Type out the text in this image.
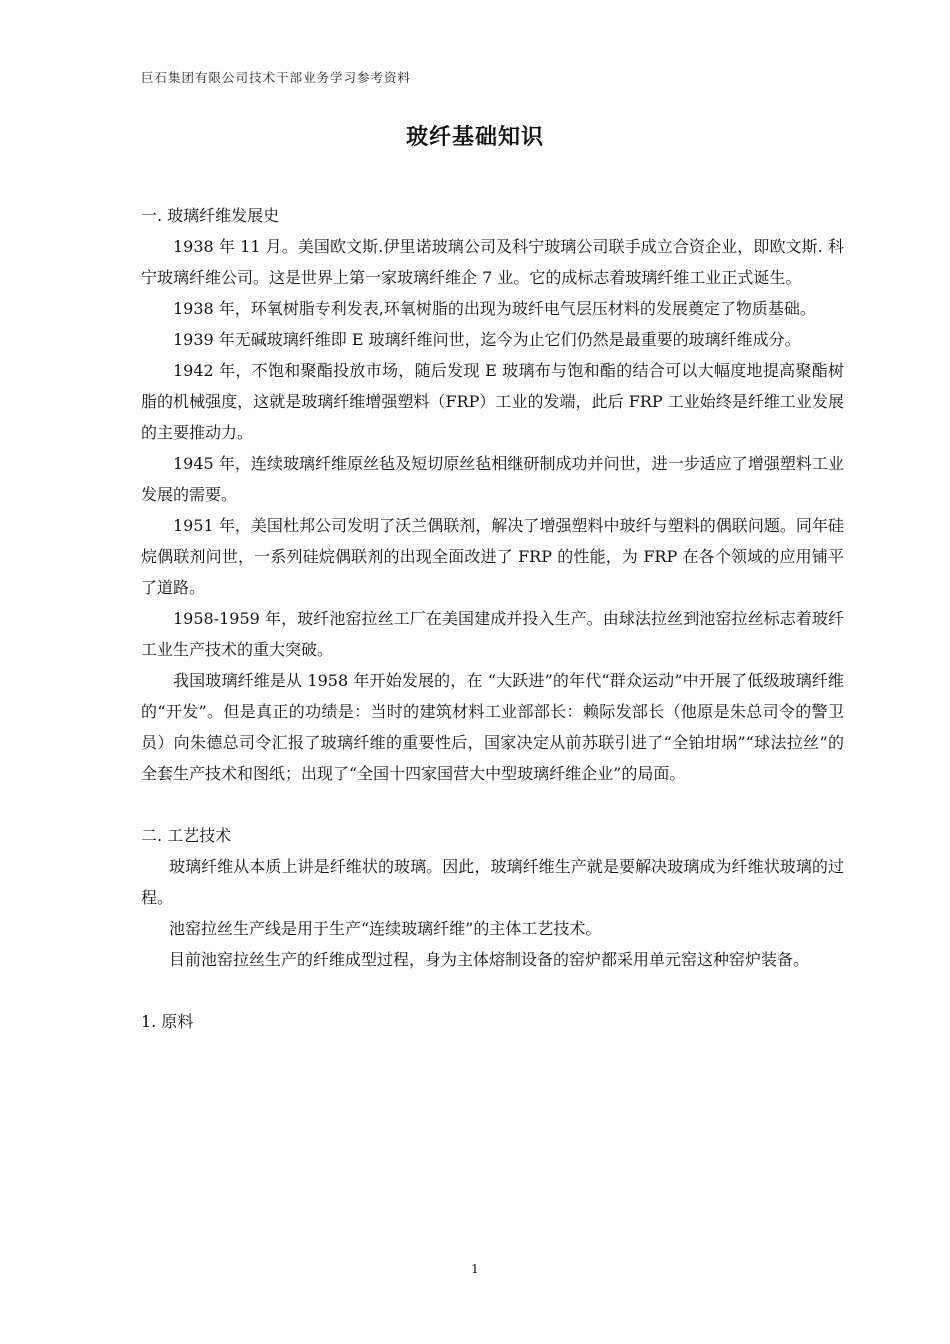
巨石集团有限公司技术干部业务学习参考资料
玻纤基础知识
一. 玻璃纤维发展史

1938 年 11 月。美国欧文斯.伊里诺玻璃公司及科宁玻璃公司联手成立合资企业，即欧文斯. 科宁玻璃纤维公司。这是世界上第一家玻璃纤维企 7 业。它的成标志着玻璃纤维工业正式诞生。

1938 年，环氧树脂专利发表,环氧树脂的出现为玻纤电气层压材料的发展奠定了物质基础。

1939 年无碱玻璃纤维即 E 玻璃纤维问世，迄今为止它们仍然是最重要的玻璃纤维成分。

1942 年，不饱和聚酯投放市场，随后发现 E 玻璃布与饱和酯的结合可以大幅度地提高聚酯树脂的机械强度，这就是玻璃纤维增强塑料（FRP）工业的发端，此后 FRP 工业始终是纤维工业发展的主要推动力。

1945 年，连续玻璃纤维原丝毡及短切原丝毡相继研制成功并问世，进一步适应了增强塑料工业发展的需要。

1951 年，美国杜邦公司发明了沃兰偶联剂，解决了增强塑料中玻纤与塑料的偶联问题。同年硅烷偶联剂问世，一系列硅烷偶联剂的出现全面改进了 FRP 的性能，为 FRP 在各个领域的应用铺平了道路。

1958-1959 年，玻纤池窑拉丝工厂在美国建成并投入生产。由球法拉丝到池窑拉丝标志着玻纤工业生产技术的重大突破。

我国玻璃纤维是从 1958 年开始发展的，在 “大跃进”的年代“群众运动”中开展了低级玻璃纤维的“开发”。但是真正的功绩是：当时的建筑材料工业部部长：赖际发部长（他原是朱总司令的警卫员）向朱德总司令汇报了玻璃纤维的重要性后，国家决定从前苏联引进了“全铂坩埚”“球法拉丝”的全套生产技术和图纸；出现了“全国十四家国营大中型玻璃纤维企业”的局面。

二. 工艺技术

玻璃纤维从本质上讲是纤维状的玻璃。因此，玻璃纤维生产就是要解决玻璃成为纤维状玻璃的过程。

池窑拉丝生产线是用于生产“连续玻璃纤维”的主体工艺技术。

目前池窑拉丝生产的纤维成型过程，身为主体熔制设备的窑炉都采用单元窑这种窑炉装备。

1. 原料
1
